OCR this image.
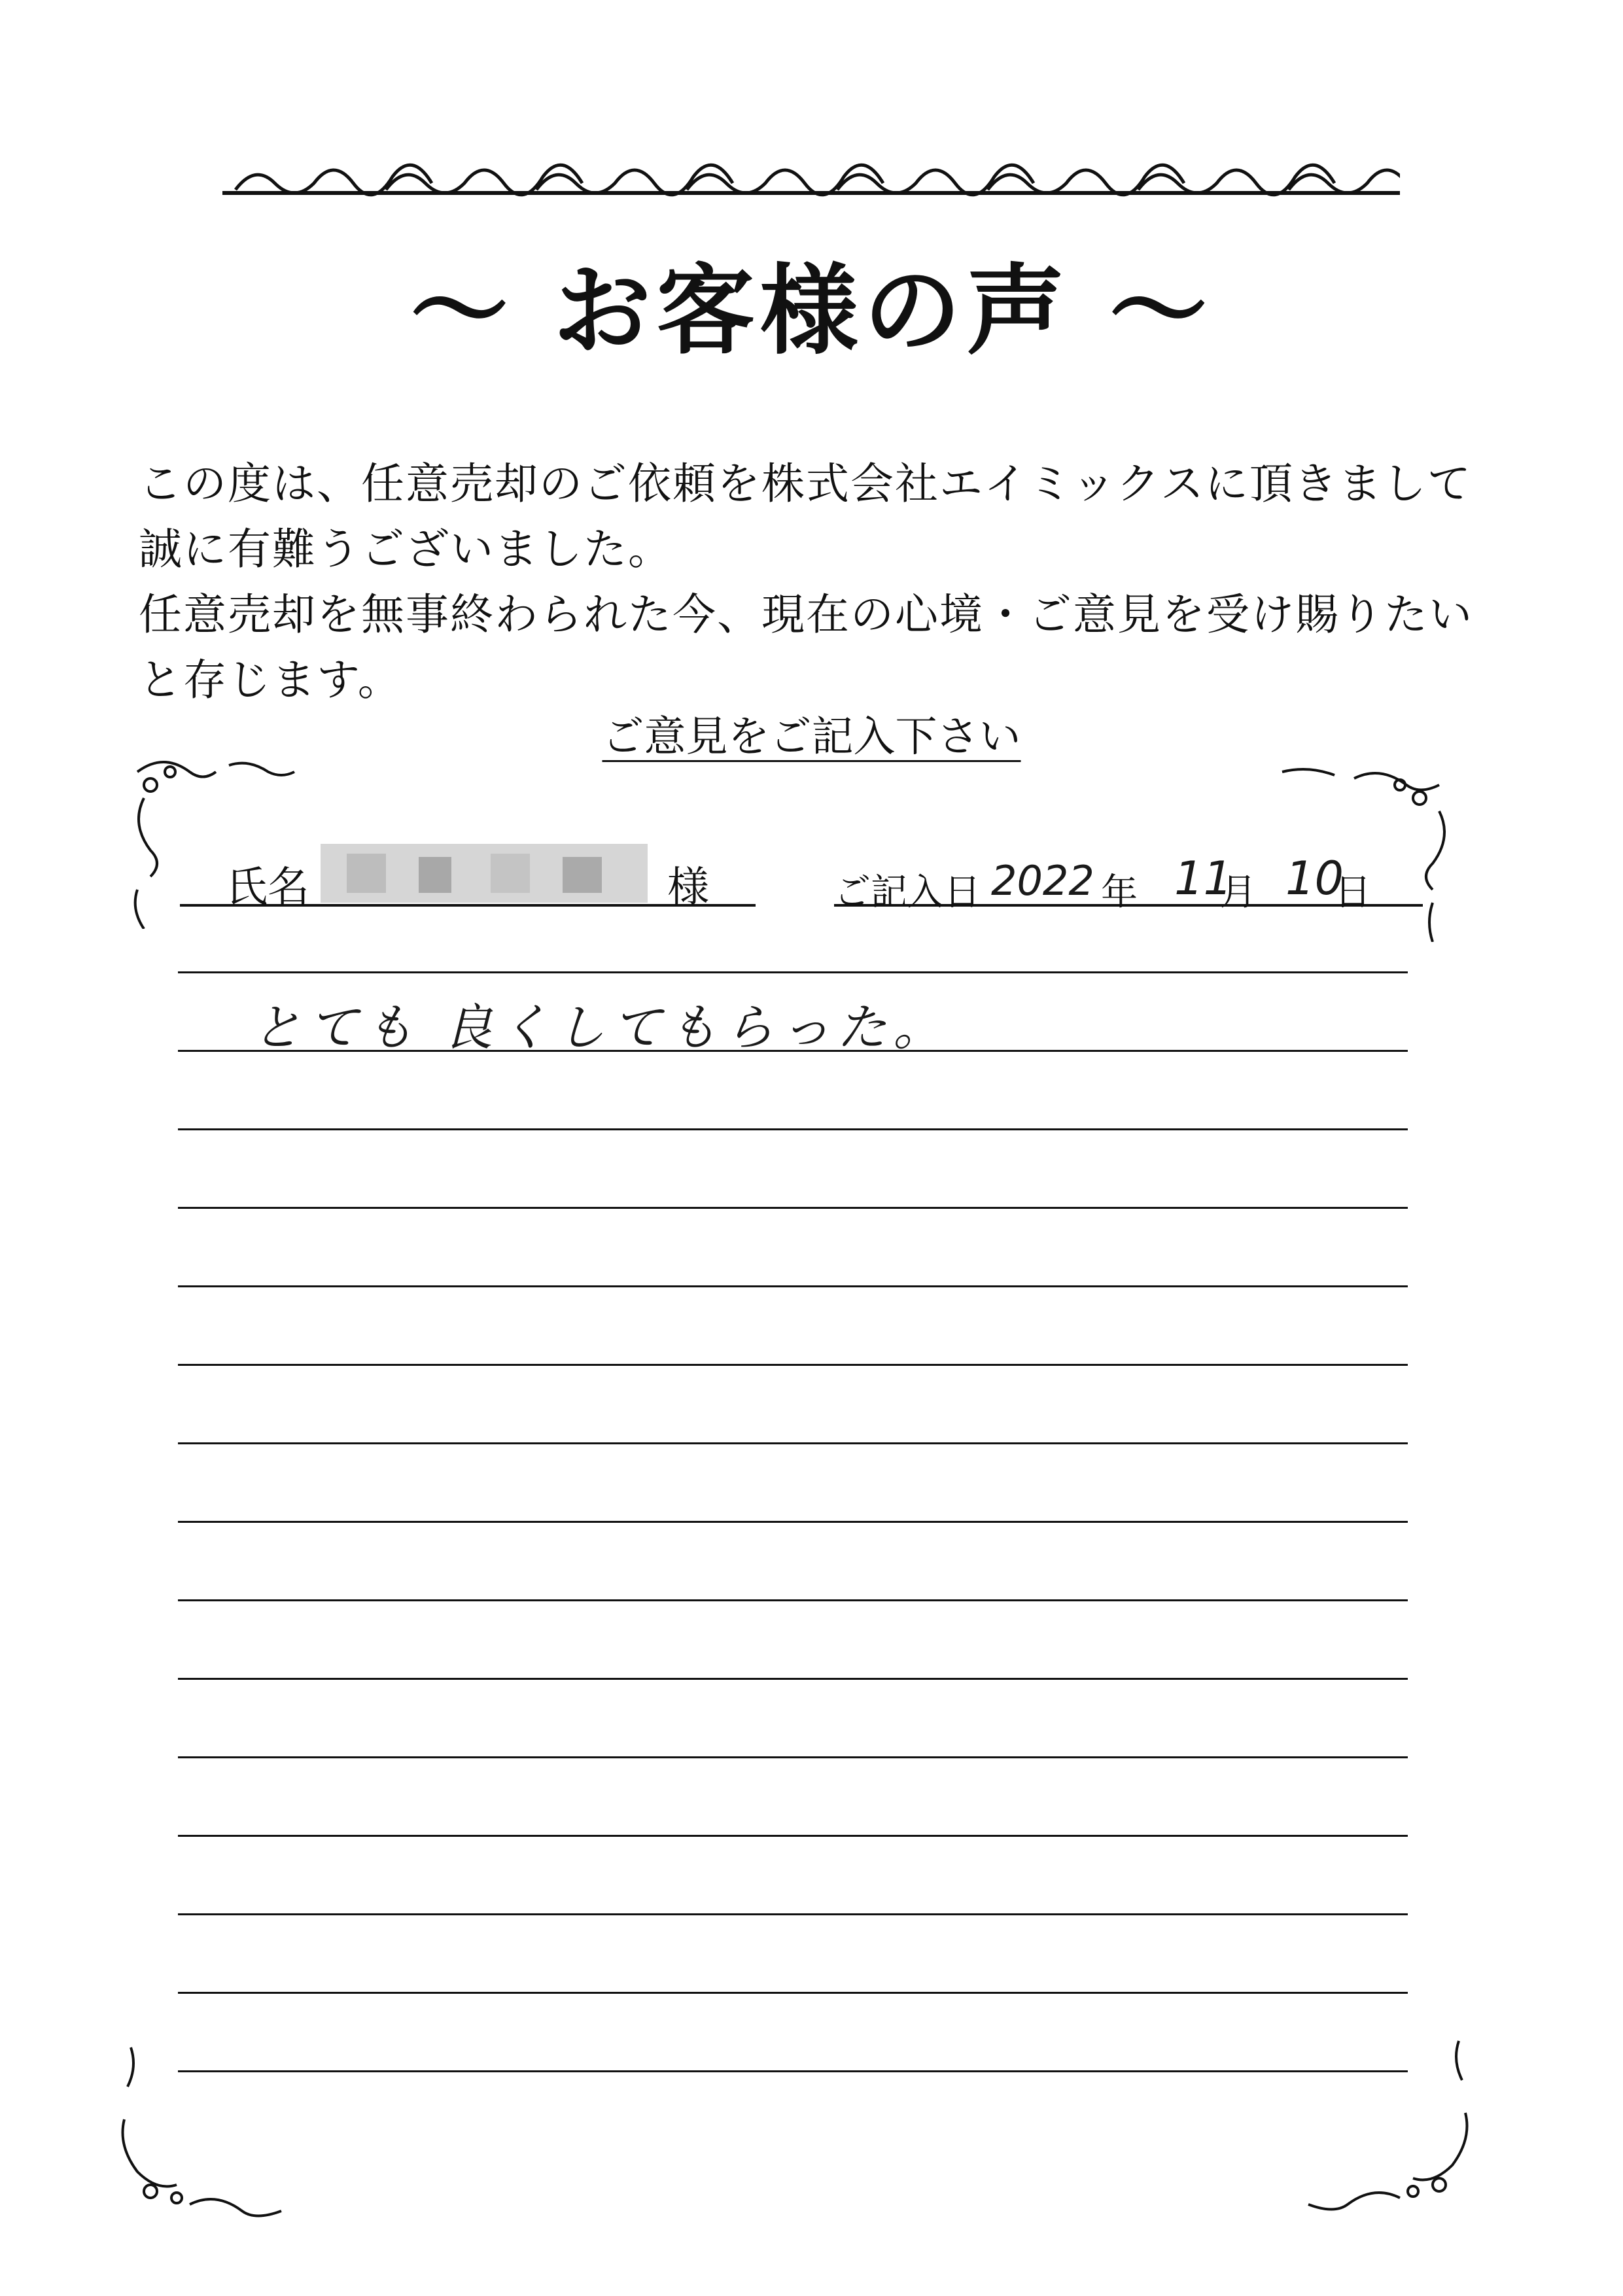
～ お客様の声 ～
この度は、任意売却のご依頼を株式会社エイミックスに頂きまして
誠に有難うございました。
任意売却を無事終わられた今、現在の心境・ご意見を受け賜りたい
と存じます。
ご意見をご記入下さい
氏名	様	ご記入日 2022 年 11
月 10
日
とても 良くしてもらった。
